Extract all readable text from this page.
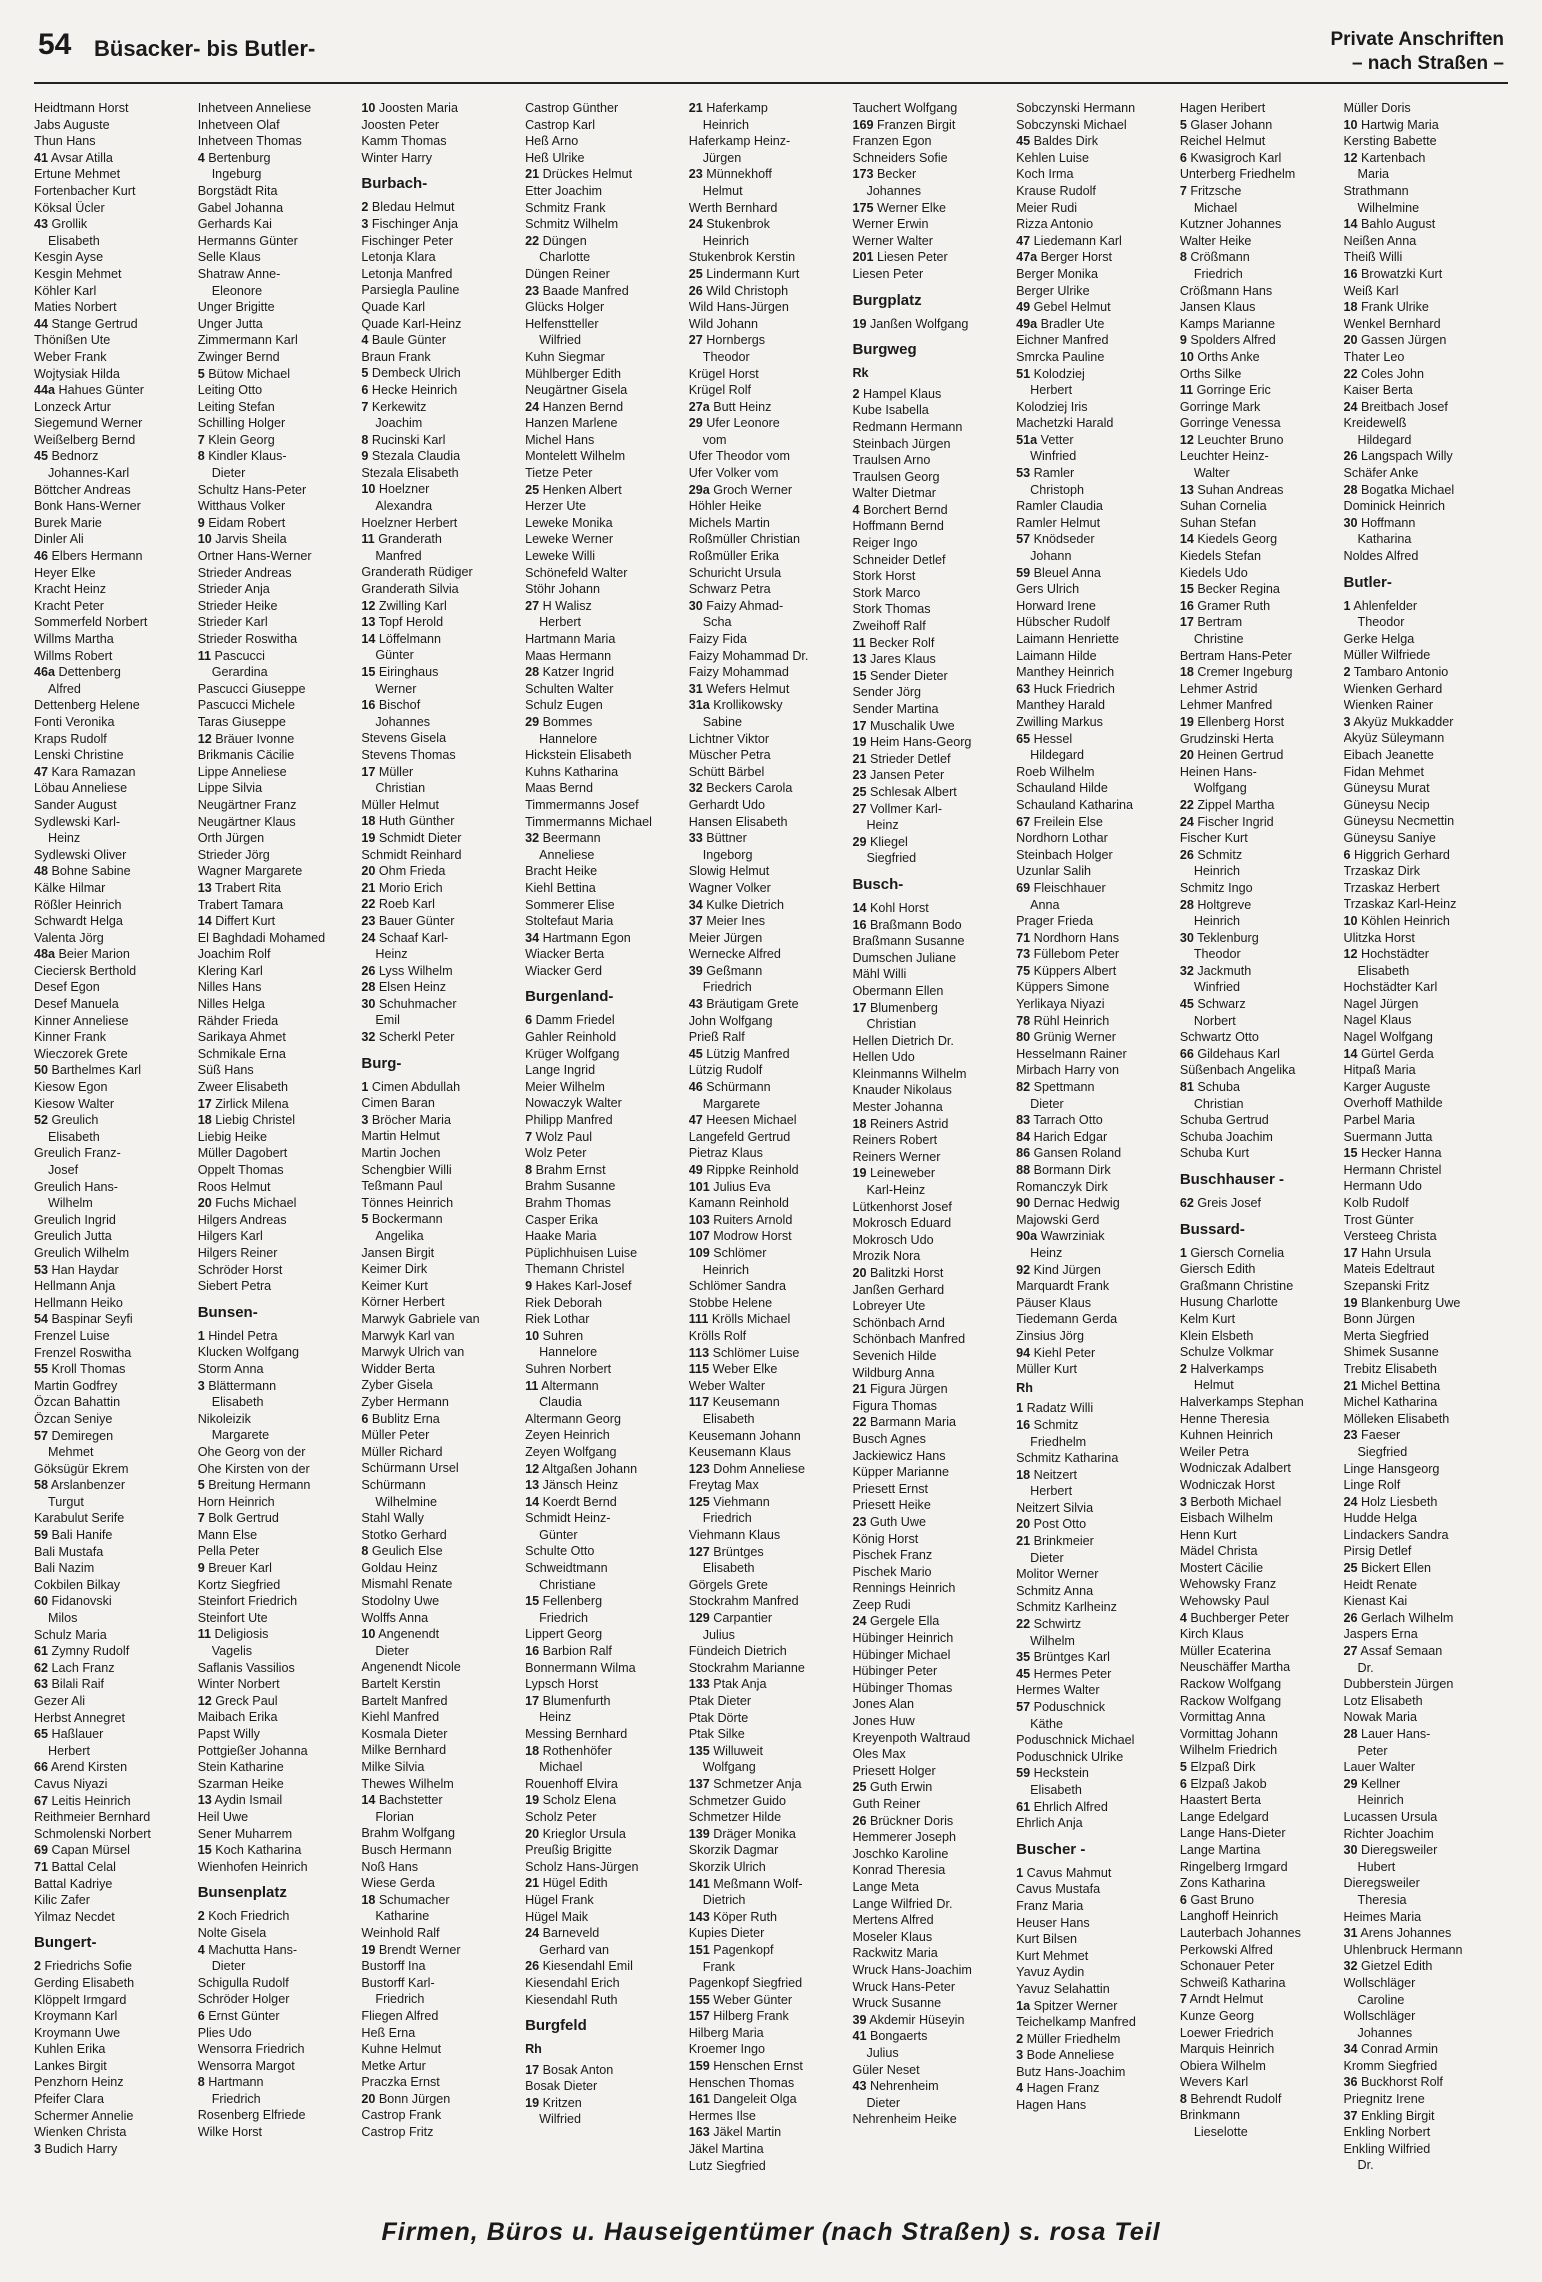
54 Büsacker- bis Butler-	Private Anschriften
– nach Straßen –
Heidtmann Horst
Jabs Auguste
Thun Hans
41 Avsar Atilla
Ertune Mehmet
Fortenbacher Kurt
Köksal Ücler
43 Grollik
Elisabeth
Kesgin Ayse
Kesgin Mehmet
Köhler Karl
Maties Norbert
44 Stange Gertrud
Thönißen Ute
Weber Frank
Wojtysiak Hilda
44a Hahues Günter
Lonzeck Artur
Siegemund Werner
Weißelberg Bernd
45 Bednorz
Johannes-Karl
Böttcher Andreas
Bonk Hans-Werner
Burek Marie
Dinler Ali
46 Elbers Hermann
Heyer Elke
Kracht Heinz
Kracht Peter
Sommerfeld Norbert
Willms Martha
Willms Robert
46a Dettenberg
Alfred
Dettenberg Helene
Fonti Veronika
Kraps Rudolf
Lenski Christine
47 Kara Ramazan
Löbau Anneliese
Sander August
Sydlewski Karl-
Heinz
Sydlewski Oliver
48 Bohne Sabine
Kälke Hilmar
Rößler Heinrich
Schwardt Helga
Valenta Jörg
48a Beier Marion
Cieciersk Berthold
Desef Egon
Desef Manuela
Kinner Anneliese
Kinner Frank
Wieczorek Grete
50 Barthelmes Karl
Kiesow Egon
Kiesow Walter
52 Greulich
Elisabeth
Greulich Franz-
Josef
Greulich Hans-
Wilhelm
Greulich Ingrid
Greulich Jutta
Greulich Wilhelm
53 Han Haydar
Hellmann Anja
Hellmann Heiko
54 Baspinar Seyfi
Frenzel Luise
Frenzel Roswitha
55 Kroll Thomas
Martin Godfrey
Özcan Bahattin
Özcan Seniye
57 Demiregen
Mehmet
Göksügür Ekrem
58 Arslanbenzer
Turgut
Karabulut Serife
59 Bali Hanife
Bali Mustafa
Bali Nazim
Cokbilen Bilkay
60 Fidanovski
Milos
Schulz Maria
61 Zymny Rudolf
62 Lach Franz
63 Bilali Raif
Gezer Ali
Herbst Annegret
65 Haßlauer
Herbert
66 Arend Kirsten
Cavus Niyazi
67 Leitis Heinrich
Reithmeier Bernhard
Schmolenski Norbert
69 Capan Mürsel
71 Battal Celal
Battal Kadriye
Kilic Zafer
Yilmaz Necdet
Bungert-
2 Friedrichs Sofie
Gerding Elisabeth
Klöppelt Irmgard
Kroymann Karl
Kroymann Uwe
Kuhlen Erika
Lankes Birgit
Penzhorn Heinz
Pfeifer Clara
Schermer Annelie
Wienken Christa
3 Budich Harry
Inhetveen Anneliese
Inhetveen Olaf
Inhetveen Thomas
4 Bertenburg
Ingeburg
Borgstädt Rita
Gabel Johanna
Gerhards Kai
Hermanns Günter
Selle Klaus
Shatraw Anne-
Eleonore
Unger Brigitte
Unger Jutta
Zimmermann Karl
Zwinger Bernd
5 Bütow Michael
Leiting Otto
Leiting Stefan
Schilling Holger
7 Klein Georg
8 Kindler Klaus-
Dieter
Schultz Hans-Peter
Witthaus Volker
9 Eidam Robert
10 Jarvis Sheila
Ortner Hans-Werner
Strieder Andreas
Strieder Anja
Strieder Heike
Strieder Karl
Strieder Roswitha
11 Pascucci
Gerardina
Pascucci Giuseppe
Pascucci Michele
Taras Giuseppe
12 Bräuer Ivonne
Brikmanis Cäcilie
Lippe Anneliese
Lippe Silvia
Neugärtner Franz
Neugärtner Klaus
Orth Jürgen
Strieder Jörg
Wagner Margarete
13 Trabert Rita
Trabert Tamara
14 Differt Kurt
El Baghdadi Mohamed
Joachim Rolf
Klering Karl
Nilles Hans
Nilles Helga
Rähder Frieda
Sarikaya Ahmet
Schmikale Erna
Süß Hans
Zweer Elisabeth
17 Zirlick Milena
18 Liebig Christel
Liebig Heike
Müller Dagobert
Oppelt Thomas
Roos Helmut
20 Fuchs Michael
Hilgers Andreas
Hilgers Karl
Hilgers Reiner
Schröder Horst
Siebert Petra
Bunsen-
1 Hindel Petra
Klucken Wolfgang
Storm Anna
3 Blättermann
Elisabeth
Nikoleizik
Margarete
Ohe Georg von der
Ohe Kirsten von der
5 Breitung Hermann
Horn Heinrich
7 Bolk Gertrud
Mann Else
Pella Peter
9 Breuer Karl
Kortz Siegfried
Steinfort Friedrich
Steinfort Ute
11 Deligiosis
Vagelis
Saflanis Vassilios
Winter Norbert
12 Greck Paul
Maibach Erika
Papst Willy
Pottgießer Johanna
Stein Katharine
Szarman Heike
13 Aydin Ismail
Heil Uwe
Sener Muharrem
15 Koch Katharina
Wienhofen Heinrich
Bunsenplatz
2 Koch Friedrich
Nolte Gisela
4 Machutta Hans-
Dieter
Schigulla Rudolf
Schröder Holger
6 Ernst Günter
Plies Udo
Wensorra Friedrich
Wensorra Margot
8 Hartmann
Friedrich
Rosenberg Elfriede
Wilke Horst
10 Joosten Maria
Joosten Peter
Kamm Thomas
Winter Harry
Burbach-
2 Bledau Helmut
3 Fischinger Anja
Fischinger Peter
Letonja Klara
Letonja Manfred
Parsiegla Pauline
Quade Karl
Quade Karl-Heinz
4 Baule Günter
Braun Frank
5 Dembeck Ulrich
6 Hecke Heinrich
7 Kerkewitz
Joachim
8 Rucinski Karl
9 Stezala Claudia
Stezala Elisabeth
10 Hoelzner
Alexandra
Hoelzner Herbert
11 Granderath
Manfred
Granderath Rüdiger
Granderath Silvia
12 Zwilling Karl
13 Topf Herold
14 Löffelmann
Günter
15 Eiringhaus
Werner
16 Bischof
Johannes
Stevens Gisela
Stevens Thomas
17 Müller
Christian
Müller Helmut
18 Huth Günther
19 Schmidt Dieter
Schmidt Reinhard
20 Ohm Frieda
21 Morio Erich
22 Roeb Karl
23 Bauer Günter
24 Schaaf Karl-
Heinz
26 Lyss Wilhelm
28 Elsen Heinz
30 Schuhmacher
Emil
32 Scherkl Peter
Burg-
1 Cimen Abdullah
Cimen Baran
3 Bröcher Maria
Martin Helmut
Martin Jochen
Schengbier Willi
Teßmann Paul
Tönnes Heinrich
5 Bockermann
Angelika
Jansen Birgit
Keimer Dirk
Keimer Kurt
Körner Herbert
Marwyk Gabriele van
Marwyk Karl van
Marwyk Ulrich van
Widder Berta
Zyber Gisela
Zyber Hermann
6 Bublitz Erna
Müller Peter
Müller Richard
Schürmann Ursel
Schürmann
Wilhelmine
Stahl Wally
Stotko Gerhard
8 Geulich Else
Goldau Heinz
Mismahl Renate
Stodolny Uwe
Wolffs Anna
10 Angenendt
Dieter
Angenendt Nicole
Bartelt Kerstin
Bartelt Manfred
Kiehl Manfred
Kosmala Dieter
Milke Bernhard
Milke Silvia
Thewes Wilhelm
14 Bachstetter
Florian
Brahm Wolfgang
Busch Hermann
Noß Hans
Wiese Gerda
18 Schumacher
Katharine
Weinhold Ralf
19 Brendt Werner
Bustorff Ina
Bustorff Karl-
Friedrich
Fliegen Alfred
Heß Erna
Kuhne Helmut
Metke Artur
Praczka Ernst
20 Bonn Jürgen
Castrop Frank
Castrop Fritz
Castrop Günther
Castrop Karl
Heß Arno
Heß Ulrike
21 Drückes Helmut
Etter Joachim
Schmitz Frank
Schmitz Wilhelm
22 Düngen
Charlotte
Düngen Reiner
23 Baade Manfred
Glücks Holger
Helfenstteller
Wilfried
Kuhn Siegmar
Mühlberger Edith
Neugärtner Gisela
24 Hanzen Bernd
Hanzen Marlene
Michel Hans
Montelett Wilhelm
Tietze Peter
25 Henken Albert
Herzer Ute
Leweke Monika
Leweke Werner
Leweke Willi
Schönefeld Walter
Stöhr Johann
27 H Walisz
Herbert
Hartmann Maria
Maas Hermann
28 Katzer Ingrid
Schulten Walter
Schulz Eugen
29 Bommes
Hannelore
Hickstein Elisabeth
Kuhns Katharina
Maas Bernd
Timmermanns Josef
Timmermanns Michael
32 Beermann
Anneliese
Bracht Heike
Kiehl Bettina
Sommerer Elise
Stoltefaut Maria
34 Hartmann Egon
Wiacker Berta
Wiacker Gerd
Burgenland-
6 Damm Friedel
Gahler Reinhold
Krüger Wolfgang
Lange Ingrid
Meier Wilhelm
Nowaczyk Walter
Philipp Manfred
7 Wolz Paul
Wolz Peter
8 Brahm Ernst
Brahm Susanne
Brahm Thomas
Casper Erika
Haake Maria
Püplichhuisen Luise
Themann Christel
9 Hakes Karl-Josef
Riek Deborah
Riek Lothar
10 Suhren
Hannelore
Suhren Norbert
11 Altermann
Claudia
Altermann Georg
Zeyen Heinrich
Zeyen Wolfgang
12 Altgaßen Johann
13 Jänsch Heinz
14 Koerdt Bernd
Schmidt Heinz-
Günter
Schulte Otto
Schweidtmann
Christiane
15 Fellenberg
Friedrich
Lippert Georg
16 Barbion Ralf
Bonnermann Wilma
Lypsch Horst
17 Blumenfurth
Heinz
Messing Bernhard
18 Rothenhöfer
Michael
Rouenhoff Elvira
19 Scholz Elena
Scholz Peter
20 Krieglor Ursula
Preußig Brigitte
Scholz Hans-Jürgen
21 Hügel Edith
Hügel Frank
Hügel Maik
24 Barneveld
Gerhard van
26 Kiesendahl Emil
Kiesendahl Erich
Kiesendahl Ruth
Burgfeld
Rh
17 Bosak Anton
Bosak Dieter
19 Kritzen
Wilfried
21 Haferkamp
Heinrich
Haferkamp Heinz-
Jürgen
23 Münnekhoff
Helmut
Werth Bernhard
24 Stukenbrok
Heinrich
Stukenbrok Kerstin
25 Lindermann Kurt
26 Wild Christoph
Wild Hans-Jürgen
Wild Johann
27 Hornbergs
Theodor
Krügel Horst
Krügel Rolf
27a Butt Heinz
29 Ufer Leonore
vom
Ufer Theodor vom
Ufer Volker vom
29a Groch Werner
Höhler Heike
Michels Martin
Roßmüller Christian
Roßmüller Erika
Schuricht Ursula
Schwarz Petra
30 Faizy Ahmad-
Scha
Faizy Fida
Faizy Mohammad Dr.
Faizy Mohammad
31 Wefers Helmut
31a Krollikowsky
Sabine
Lichtner Viktor
Müscher Petra
Schütt Bärbel
32 Beckers Carola
Gerhardt Udo
Hansen Elisabeth
33 Büttner
Ingeborg
Slowig Helmut
Wagner Volker
34 Kulke Dietrich
37 Meier Ines
Meier Jürgen
Wernecke Alfred
39 Geßmann
Friedrich
43 Bräutigam Grete
John Wolfgang
Prieß Ralf
45 Lützig Manfred
Lützig Rudolf
46 Schürmann
Margarete
47 Heesen Michael
Langefeld Gertrud
Pietraz Klaus
49 Rippke Reinhold
101 Julius Eva
Kamann Reinhold
103 Ruiters Arnold
107 Modrow Horst
109 Schlömer
Heinrich
Schlömer Sandra
Stobbe Helene
111 Krölls Michael
Krölls Rolf
113 Schlömer Luise
115 Weber Elke
Weber Walter
117 Keusemann
Elisabeth
Keusemann Johann
Keusemann Klaus
123 Dohm Anneliese
Freytag Max
125 Viehmann
Friedrich
Viehmann Klaus
127 Brüntges
Elisabeth
Görgels Grete
Stockrahm Manfred
129 Carpantier
Julius
Fündeich Dietrich
Stockrahm Marianne
133 Ptak Anja
Ptak Dieter
Ptak Dörte
Ptak Silke
135 Willuweit
Wolfgang
137 Schmetzer Anja
Schmetzer Guido
Schmetzer Hilde
139 Dräger Monika
Skorzik Dagmar
Skorzik Ulrich
141 Meßmann Wolf-
Dietrich
143 Köper Ruth
Kupies Dieter
151 Pagenkopf
Frank
Pagenkopf Siegfried
155 Weber Günter
157 Hilberg Frank
Hilberg Maria
Kroemer Ingo
159 Henschen Ernst
Henschen Thomas
161 Dangeleit Olga
Hermes Ilse
163 Jäkel Martin
Jäkel Martina
Lutz Siegfried
Tauchert Wolfgang
169 Franzen Birgit
Franzen Egon
Schneiders Sofie
173 Becker
Johannes
175 Werner Elke
Werner Erwin
Werner Walter
201 Liesen Peter
Liesen Peter
Burgplatz
19 Janßen Wolfgang
Burgweg
Rk
2 Hampel Klaus
Kube Isabella
Redmann Hermann
Steinbach Jürgen
Traulsen Arno
Traulsen Georg
Walter Dietmar
4 Borchert Bernd
Hoffmann Bernd
Reiger Ingo
Schneider Detlef
Stork Horst
Stork Marco
Stork Thomas
Zweihoff Ralf
11 Becker Rolf
13 Jares Klaus
15 Sender Dieter
Sender Jörg
Sender Martina
17 Muschalik Uwe
19 Heim Hans-Georg
21 Strieder Detlef
23 Jansen Peter
25 Schlesak Albert
27 Vollmer Karl-
Heinz
29 Kliegel
Siegfried
Busch-
14 Kohl Horst
16 Braßmann Bodo
Braßmann Susanne
Dumschen Juliane
Mähl Willi
Obermann Ellen
17 Blumenberg
Christian
Hellen Dietrich Dr.
Hellen Udo
Kleinmanns Wilhelm
Knauder Nikolaus
Mester Johanna
18 Reiners Astrid
Reiners Robert
Reiners Werner
19 Leineweber
Karl-Heinz
Lütkenhorst Josef
Mokrosch Eduard
Mokrosch Udo
Mrozik Nora
20 Balitzki Horst
Janßen Gerhard
Lobreyer Ute
Schönbach Arnd
Schönbach Manfred
Sevenich Hilde
Wildburg Anna
21 Figura Jürgen
Figura Thomas
22 Barmann Maria
Busch Agnes
Jackiewicz Hans
Küpper Marianne
Priesett Ernst
Priesett Heike
23 Guth Uwe
König Horst
Pischek Franz
Pischek Mario
Rennings Heinrich
Zeep Rudi
24 Gergele Ella
Hübinger Heinrich
Hübinger Michael
Hübinger Peter
Hübinger Thomas
Jones Alan
Jones Huw
Kreyenpoth Waltraud
Oles Max
Priesett Holger
25 Guth Erwin
Guth Reiner
26 Brückner Doris
Hemmerer Joseph
Joschko Karoline
Konrad Theresia
Lange Meta
Lange Wilfried Dr.
Mertens Alfred
Moseler Klaus
Rackwitz Maria
Wruck Hans-Joachim
Wruck Hans-Peter
Wruck Susanne
39 Akdemir Hüseyin
41 Bongaerts
Julius
Güler Neset
43 Nehrenheim
Dieter
Nehrenheim Heike
Sobczynski Hermann
Sobczynski Michael
45 Baldes Dirk
Kehlen Luise
Koch Irma
Krause Rudolf
Meier Rudi
Rizza Antonio
47 Liedemann Karl
47a Berger Horst
Berger Monika
Berger Ulrike
49 Gebel Helmut
49a Bradler Ute
Eichner Manfred
Smrcka Pauline
51 Kolodziej
Herbert
Kolodziej Iris
Machetzki Harald
51a Vetter
Winfried
53 Ramler
Christoph
Ramler Claudia
Ramler Helmut
57 Knödseder
Johann
59 Bleuel Anna
Gers Ulrich
Horward Irene
Hübscher Rudolf
Laimann Henriette
Laimann Hilde
Manthey Heinrich
63 Huck Friedrich
Manthey Harald
Zwilling Markus
65 Hessel
Hildegard
Roeb Wilhelm
Schauland Hilde
Schauland Katharina
67 Freilein Else
Nordhorn Lothar
Steinbach Holger
Uzunlar Salih
69 Fleischhauer
Anna
Prager Frieda
71 Nordhorn Hans
73 Füllebom Peter
75 Küppers Albert
Küppers Simone
Yerlikaya Niyazi
78 Rühl Heinrich
80 Grünig Werner
Hesselmann Rainer
Mirbach Harry von
82 Spettmann
Dieter
83 Tarrach Otto
84 Harich Edgar
86 Gansen Roland
88 Bormann Dirk
Romanczyk Dirk
90 Dernac Hedwig
Majowski Gerd
90a Wawrziniak
Heinz
92 Kind Jürgen
Marquardt Frank
Päuser Klaus
Tiedemann Gerda
Zinsius Jörg
94 Kiehl Peter
Müller Kurt
Rh
1 Radatz Willi
16 Schmitz
Friedhelm
Schmitz Katharina
18 Neitzert
Herbert
Neitzert Silvia
20 Post Otto
21 Brinkmeier
Dieter
Molitor Werner
Schmitz Anna
Schmitz Karlheinz
22 Schwirtz
Wilhelm
35 Brüntges Karl
45 Hermes Peter
Hermes Walter
57 Poduschnick
Käthe
Poduschnick Michael
Poduschnick Ulrike
59 Heckstein
Elisabeth
61 Ehrlich Alfred
Ehrlich Anja
Buscher -
1 Cavus Mahmut
Cavus Mustafa
Franz Maria
Heuser Hans
Kurt Bilsen
Kurt Mehmet
Yavuz Aydin
Yavuz Selahattin
1a Spitzer Werner
Teichelkamp Manfred
2 Müller Friedhelm
3 Bode Anneliese
Butz Hans-Joachim
4 Hagen Franz
Hagen Hans
Hagen Heribert
5 Glaser Johann
Reichel Helmut
6 Kwasigroch Karl
Unterberg Friedhelm
7 Fritzsche
Michael
Kutzner Johannes
Walter Heike
8 Crößmann
Friedrich
Crößmann Hans
Jansen Klaus
Kamps Marianne
9 Spolders Alfred
10 Orths Anke
Orths Silke
11 Gorringe Eric
Gorringe Mark
Gorringe Venessa
12 Leuchter Bruno
Leuchter Heinz-
Walter
13 Suhan Andreas
Suhan Cornelia
Suhan Stefan
14 Kiedels Georg
Kiedels Stefan
Kiedels Udo
15 Becker Regina
16 Gramer Ruth
17 Bertram
Christine
Bertram Hans-Peter
18 Cremer Ingeburg
Lehmer Astrid
Lehmer Manfred
19 Ellenberg Horst
Grudzinski Herta
20 Heinen Gertrud
Heinen Hans-
Wolfgang
22 Zippel Martha
24 Fischer Ingrid
Fischer Kurt
26 Schmitz
Heinrich
Schmitz Ingo
28 Holtgreve
Heinrich
30 Teklenburg
Theodor
32 Jackmuth
Winfried
45 Schwarz
Norbert
Schwartz Otto
66 Gildehaus Karl
Süßenbach Angelika
81 Schuba
Christian
Schuba Gertrud
Schuba Joachim
Schuba Kurt
Buschhauser -
62 Greis Josef
Bussard-
1 Giersch Cornelia
Giersch Edith
Graßmann Christine
Husung Charlotte
Kelm Kurt
Klein Elsbeth
Schulze Volkmar
2 Halverkamps
Helmut
Halverkamps Stephan
Henne Theresia
Kuhnen Heinrich
Weiler Petra
Wodniczak Adalbert
Wodniczak Horst
3 Berboth Michael
Eisbach Wilhelm
Henn Kurt
Mädel Christa
Mostert Cäcilie
Wehowsky Franz
Wehowsky Paul
4 Buchberger Peter
Kirch Klaus
Müller Ecaterina
Neuschäffer Martha
Rackow Wolfgang
Rackow Wolfgang
Vormittag Anna
Vormittag Johann
Wilhelm Friedrich
5 Elzpaß Dirk
6 Elzpaß Jakob
Haastert Berta
Lange Edelgard
Lange Hans-Dieter
Lange Martina
Ringelberg Irmgard
Zons Katharina
6 Gast Bruno
Langhoff Heinrich
Lauterbach Johannes
Perkowski Alfred
Schonauer Peter
Schweiß Katharina
7 Arndt Helmut
Kunze Georg
Loewer Friedrich
Marquis Heinrich
Obiera Wilhelm
Wevers Karl
8 Behrendt Rudolf
Brinkmann
Lieselotte
Müller Doris
10 Hartwig Maria
Kersting Babette
12 Kartenbach
Maria
Strathmann
Wilhelmine
14 Bahlo August
Neißen Anna
Theiß Willi
16 Browatzki Kurt
Weiß Karl
18 Frank Ulrike
Wenkel Bernhard
20 Gassen Jürgen
Thater Leo
22 Coles John
Kaiser Berta
24 Breitbach Josef
Kreidewelß
Hildegard
26 Langspach Willy
Schäfer Anke
28 Bogatka Michael
Dominick Heinrich
30 Hoffmann
Katharina
Noldes Alfred
Butler-
1 Ahlenfelder
Theodor
Gerke Helga
Müller Wilfriede
2 Tambaro Antonio
Wienken Gerhard
Wienken Rainer
3 Akyüz Mukkadder
Akyüz Süleymann
Eibach Jeanette
Fidan Mehmet
Güneysu Murat
Güneysu Necip
Güneysu Necmettin
Güneysu Saniye
6 Higgrich Gerhard
Trzaskaz Dirk
Trzaskaz Herbert
Trzaskaz Karl-Heinz
10 Köhlen Heinrich
Ulitzka Horst
12 Hochstädter
Elisabeth
Hochstädter Karl
Nagel Jürgen
Nagel Klaus
Nagel Wolfgang
14 Gürtel Gerda
Hitpaß Maria
Karger Auguste
Overhoff Mathilde
Parbel Maria
Suermann Jutta
15 Hecker Hanna
Hermann Christel
Hermann Udo
Kolb Rudolf
Trost Günter
Versteeg Christa
17 Hahn Ursula
Mateis Edeltraut
Szepanski Fritz
19 Blankenburg Uwe
Bonn Jürgen
Merta Siegfried
Shimek Susanne
Trebitz Elisabeth
21 Michel Bettina
Michel Katharina
Mölleken Elisabeth
23 Faeser
Siegfried
Linge Hansgeorg
Linge Rolf
24 Holz Liesbeth
Hudde Helga
Lindackers Sandra
Pirsig Detlef
25 Bickert Ellen
Heidt Renate
Kienast Kai
26 Gerlach Wilhelm
Jaspers Erna
27 Assaf Semaan
Dr.
Dubberstein Jürgen
Lotz Elisabeth
Nowak Maria
28 Lauer Hans-
Peter
Lauer Walter
29 Kellner
Heinrich
Lucassen Ursula
Richter Joachim
30 Dieregsweiler
Hubert
Dieregsweiler
Theresia
Heimes Maria
31 Arens Johannes
Uhlenbruck Hermann
32 Gietzel Edith
Wollschläger
Caroline
Wollschläger
Johannes
34 Conrad Armin
Kromm Siegfried
36 Buckhorst Rolf
Priegnitz Irene
37 Enkling Birgit
Enkling Norbert
Enkling Wilfried
Dr.
Firmen, Büros u. Hauseigentümer (nach Straßen) s. rosa Teil
